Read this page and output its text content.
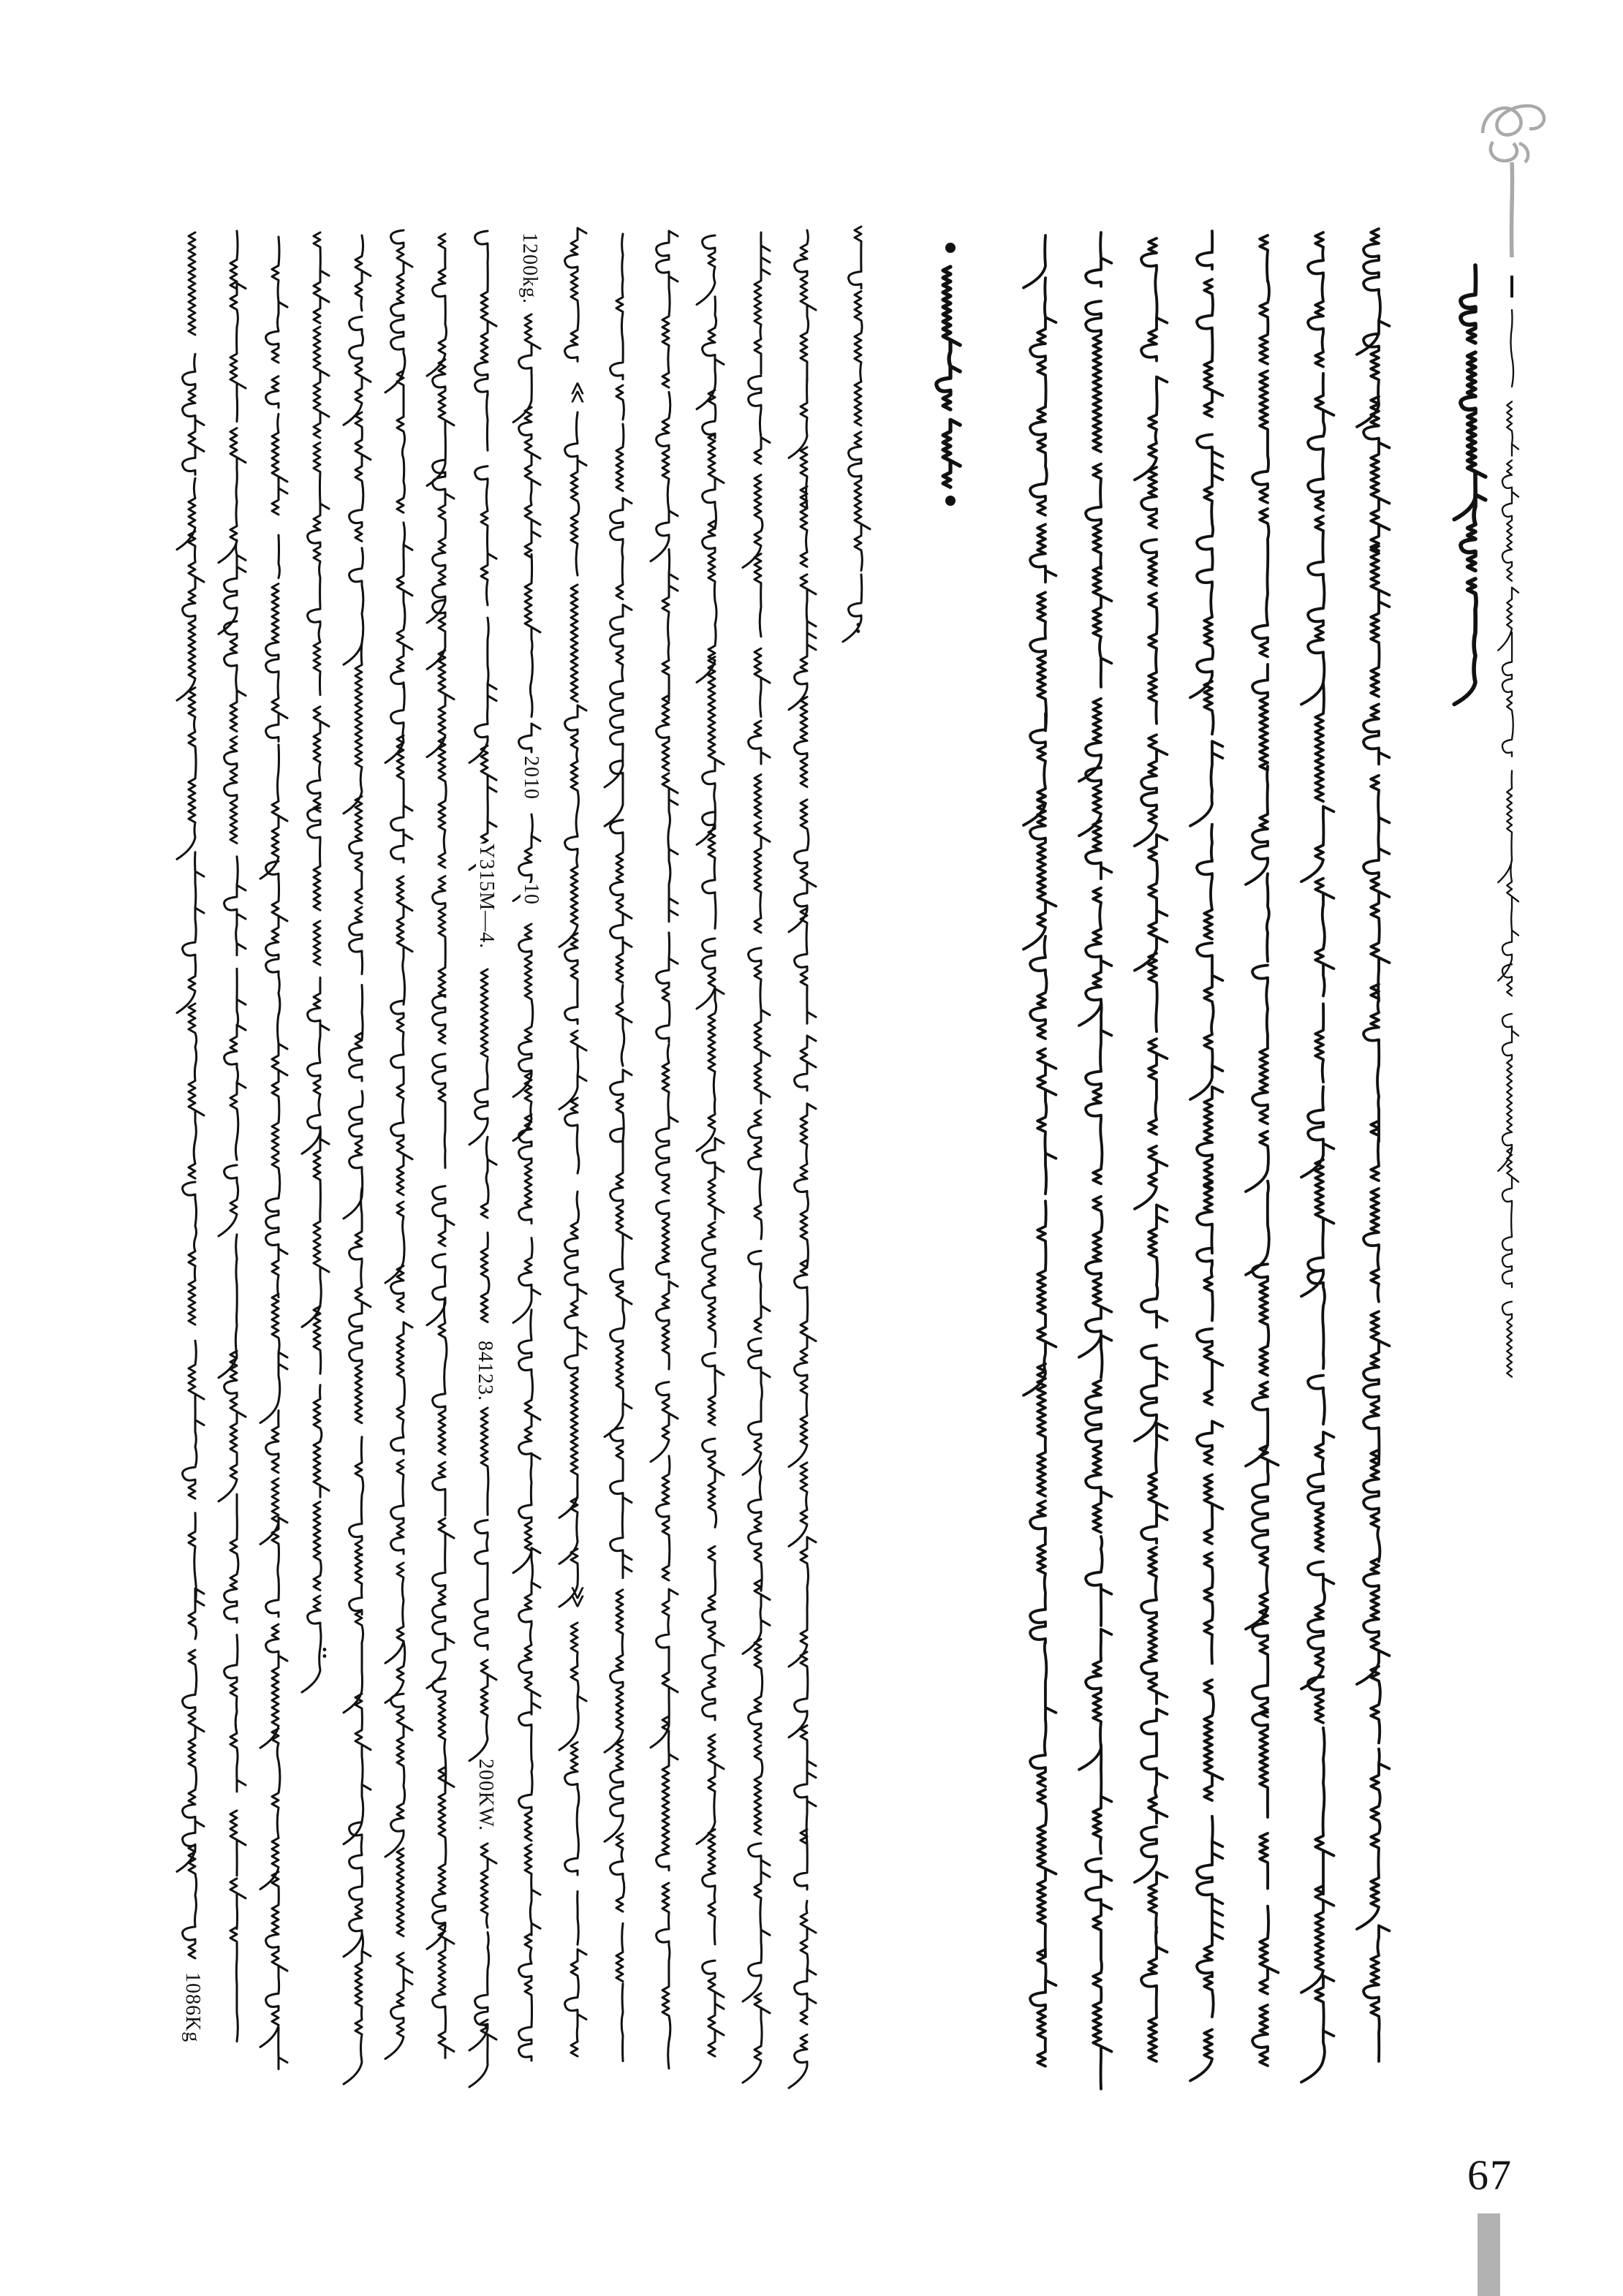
1200kg.
2010
10
Y315M—4.
84123.
200KW.
1086Kg
≪
≫
··
··
67
